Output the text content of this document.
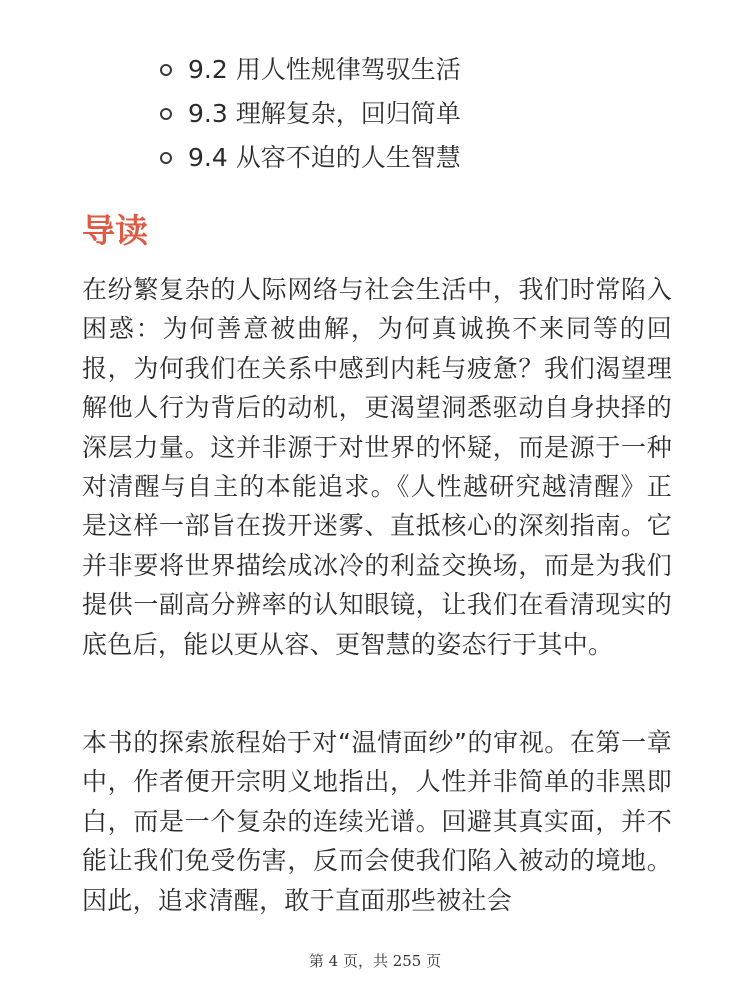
9.2 用人性规律驾驭生活
9.3 理解复杂，回归简单
9.4 从容不迫的人生智慧
导读

在纷繁复杂的人际网络与社会生活中，我们时常陷入困惑：为何善意被曲解，为何真诚换不来同等的回报，为何我们在关系中感到内耗与疲惫？我们渴望理解他人行为背后的动机，更渴望洞悉驱动自身抉择的深层力量。这并非源于对世界的怀疑，而是源于一种对清醒与自主的本能追求。《人性越研究越清醒》正是这样一部旨在拨开迷雾、直抵核心的深刻指南。它并非要将世界描绘成冰冷的利益交换场，而是为我们提供一副高分辨率的认知眼镜，让我们在看清现实的底色后，能以更从容、更智慧的姿态行于其中。

本书的探索旅程始于对“温情面纱”的审视。在第一章中，作者便开宗明义地指出，人性并非简单的非黑即白，而是一个复杂的连续光谱。回避其真实面，并不能让我们免受伤害，反而会使我们陷入被动的境地。因此，追求清醒，敢于直面那些被社会

第 4 页，共 255 页
